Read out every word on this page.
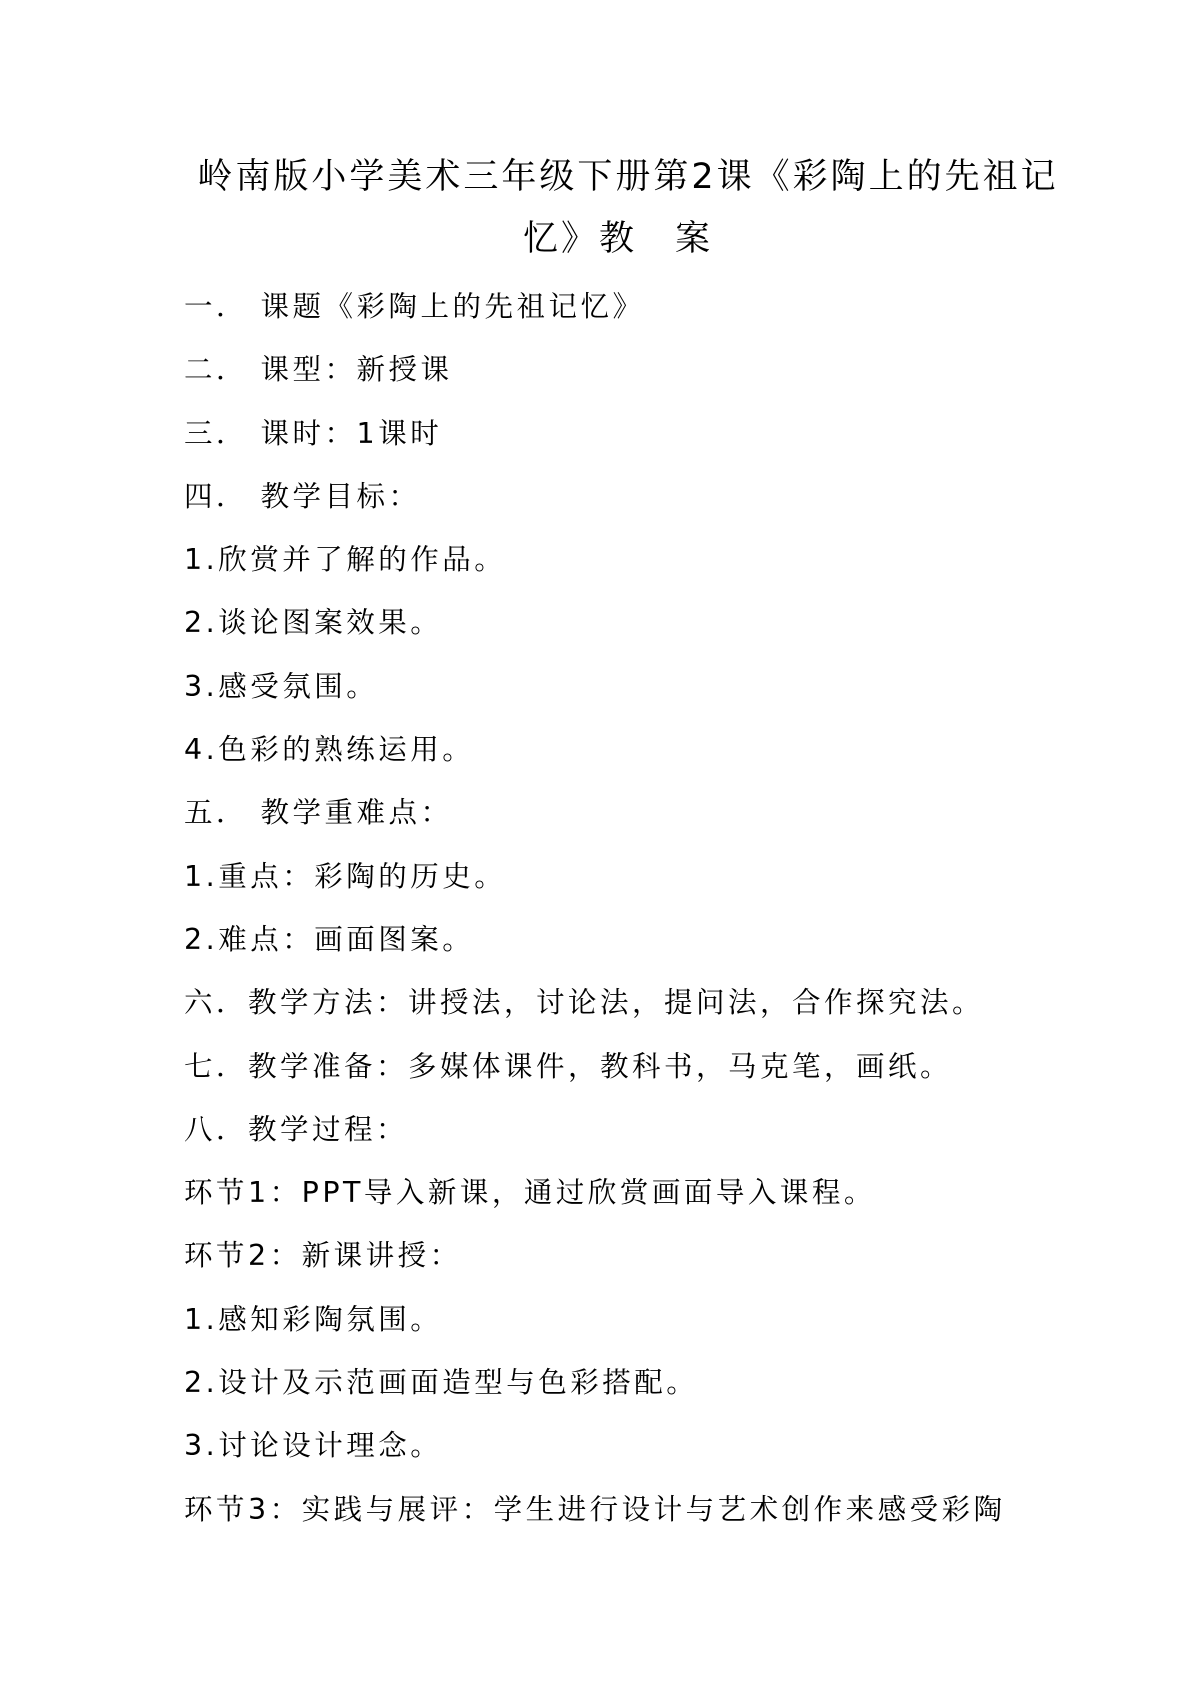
岭南版小学美术三年级下册第2课《彩陶上的先祖记
忆》教　案
一． 课题《彩陶上的先祖记忆》
二． 课型：新授课
三． 课时：1课时
四． 教学目标：
1.欣赏并了解的作品。
2.谈论图案效果。
3.感受氛围。
4.色彩的熟练运用。
五． 教学重难点：
1.重点：彩陶的历史。
2.难点：画面图案。
六．教学方法：讲授法，讨论法，提问法，合作探究法。
七．教学准备：多媒体课件，教科书，马克笔，画纸。
八．教学过程：
环节1：PPT导入新课，通过欣赏画面导入课程。
环节2：新课讲授：
1.感知彩陶氛围。
2.设计及示范画面造型与色彩搭配。
3.讨论设计理念。
环节3：实践与展评：学生进行设计与艺术创作来感受彩陶
